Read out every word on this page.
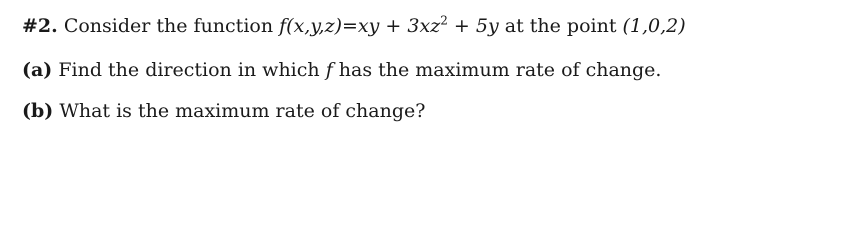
#2. Consider the function $f(x,y,z)=xy + 3xz^2 + 5y$ at the point (1,0,2)
(a) Find the direction in which f has the maximum rate of change.
(b) What is the maximum rate of change?
